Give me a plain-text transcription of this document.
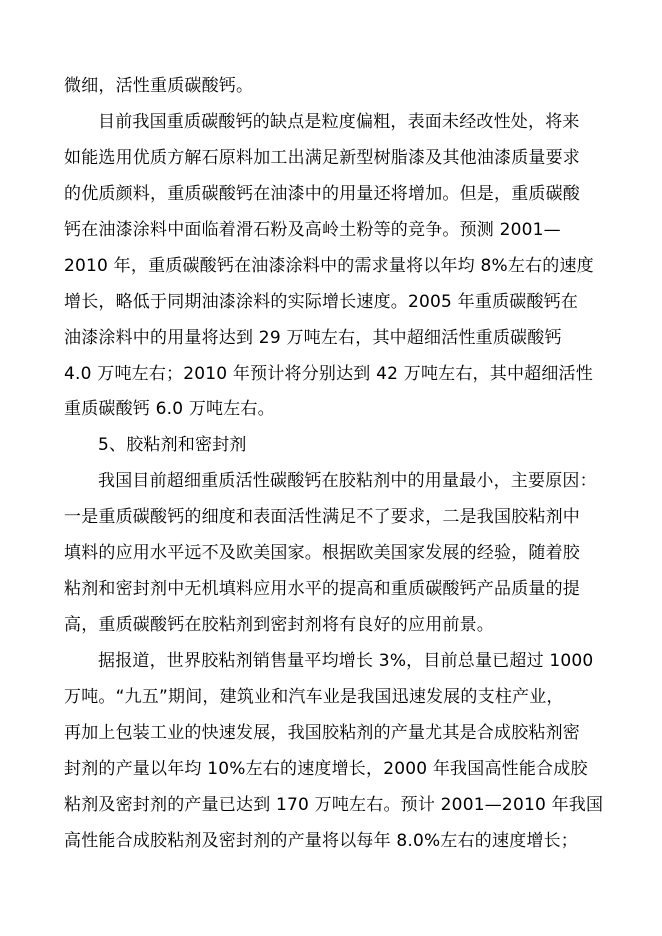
微细，活性重质碳酸钙。
目前我国重质碳酸钙的缺点是粒度偏粗，表面未经改性处，将来
如能选用优质方解石原料加工出满足新型树脂漆及其他油漆质量要求
的优质颜料，重质碳酸钙在油漆中的用量还将增加。但是，重质碳酸
钙在油漆涂料中面临着滑石粉及高岭土粉等的竞争。预测 2001—
2010 年，重质碳酸钙在油漆涂料中的需求量将以年均 8%左右的速度
增长，略低于同期油漆涂料的实际增长速度。2005 年重质碳酸钙在
油漆涂料中的用量将达到 29 万吨左右，其中超细活性重质碳酸钙
4.0 万吨左右；2010 年预计将分别达到 42 万吨左右，其中超细活性
重质碳酸钙 6.0 万吨左右。
5、胶粘剂和密封剂
我国目前超细重质活性碳酸钙在胶粘剂中的用量最小，主要原因：
一是重质碳酸钙的细度和表面活性满足不了要求，二是我国胶粘剂中
填料的应用水平远不及欧美国家。根据欧美国家发展的经验，随着胶
粘剂和密封剂中无机填料应用水平的提高和重质碳酸钙产品质量的提
高，重质碳酸钙在胶粘剂到密封剂将有良好的应用前景。
据报道，世界胶粘剂销售量平均增长 3%，目前总量已超过 1000
万吨。“九五”期间，建筑业和汽车业是我国迅速发展的支柱产业，
再加上包装工业的快速发展，我国胶粘剂的产量尤其是合成胶粘剂密
封剂的产量以年均 10%左右的速度增长，2000 年我国高性能合成胶
粘剂及密封剂的产量已达到 170 万吨左右。预计 2001—2010 年我国
高性能合成胶粘剂及密封剂的产量将以每年 8.0%左右的速度增长；
